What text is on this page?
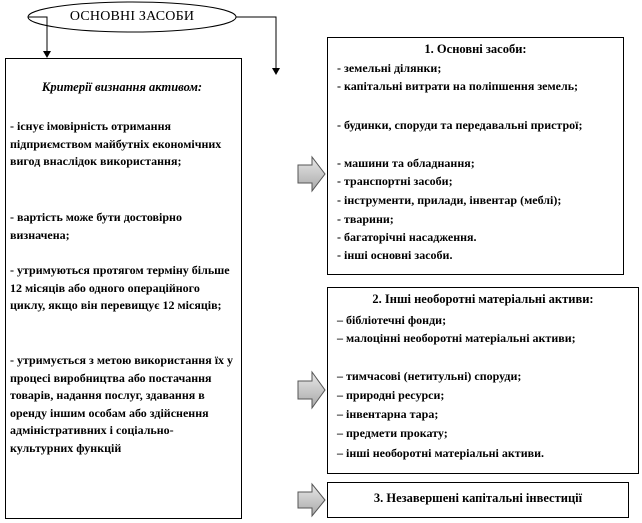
ОСНОВНІ ЗАСОБИ
Критерії визнання активом:
- існує імовірність отримання підприємством майбутніх економічних вигод внаслідок використання;
- вартість може бути достовірно визначена;
- утримуються протягом терміну більше 12 місяців або одного операційного циклу, якщо він перевищує 12 місяців;
- утримується з метою використання їх у процесі виробництва або постачання товарів, надання послуг, здавання в оренду іншим особам або здійснення адміністративних і соціально-культурних функцій
1. Основні засоби:
- земельні ділянки;
- капітальні витрати на поліпшення земель;
- будинки, споруди та передавальні пристрої;
- машини та обладнання;
- транспортні засоби;
- інструменти, прилади, інвентар (меблі);
- тварини;
- багаторічні насадження.
- інші основні засоби.
2. Інші необоротні матеріальні активи:
– бібліотечні фонди;
– малоцінні необоротні матеріальні активи;
– тимчасові (нетитульні) споруди;
– природні ресурси;
– інвентарна тара;
– предмети прокату;
– інші необоротні матеріальні активи.
3. Незавершені капітальні інвестиції
